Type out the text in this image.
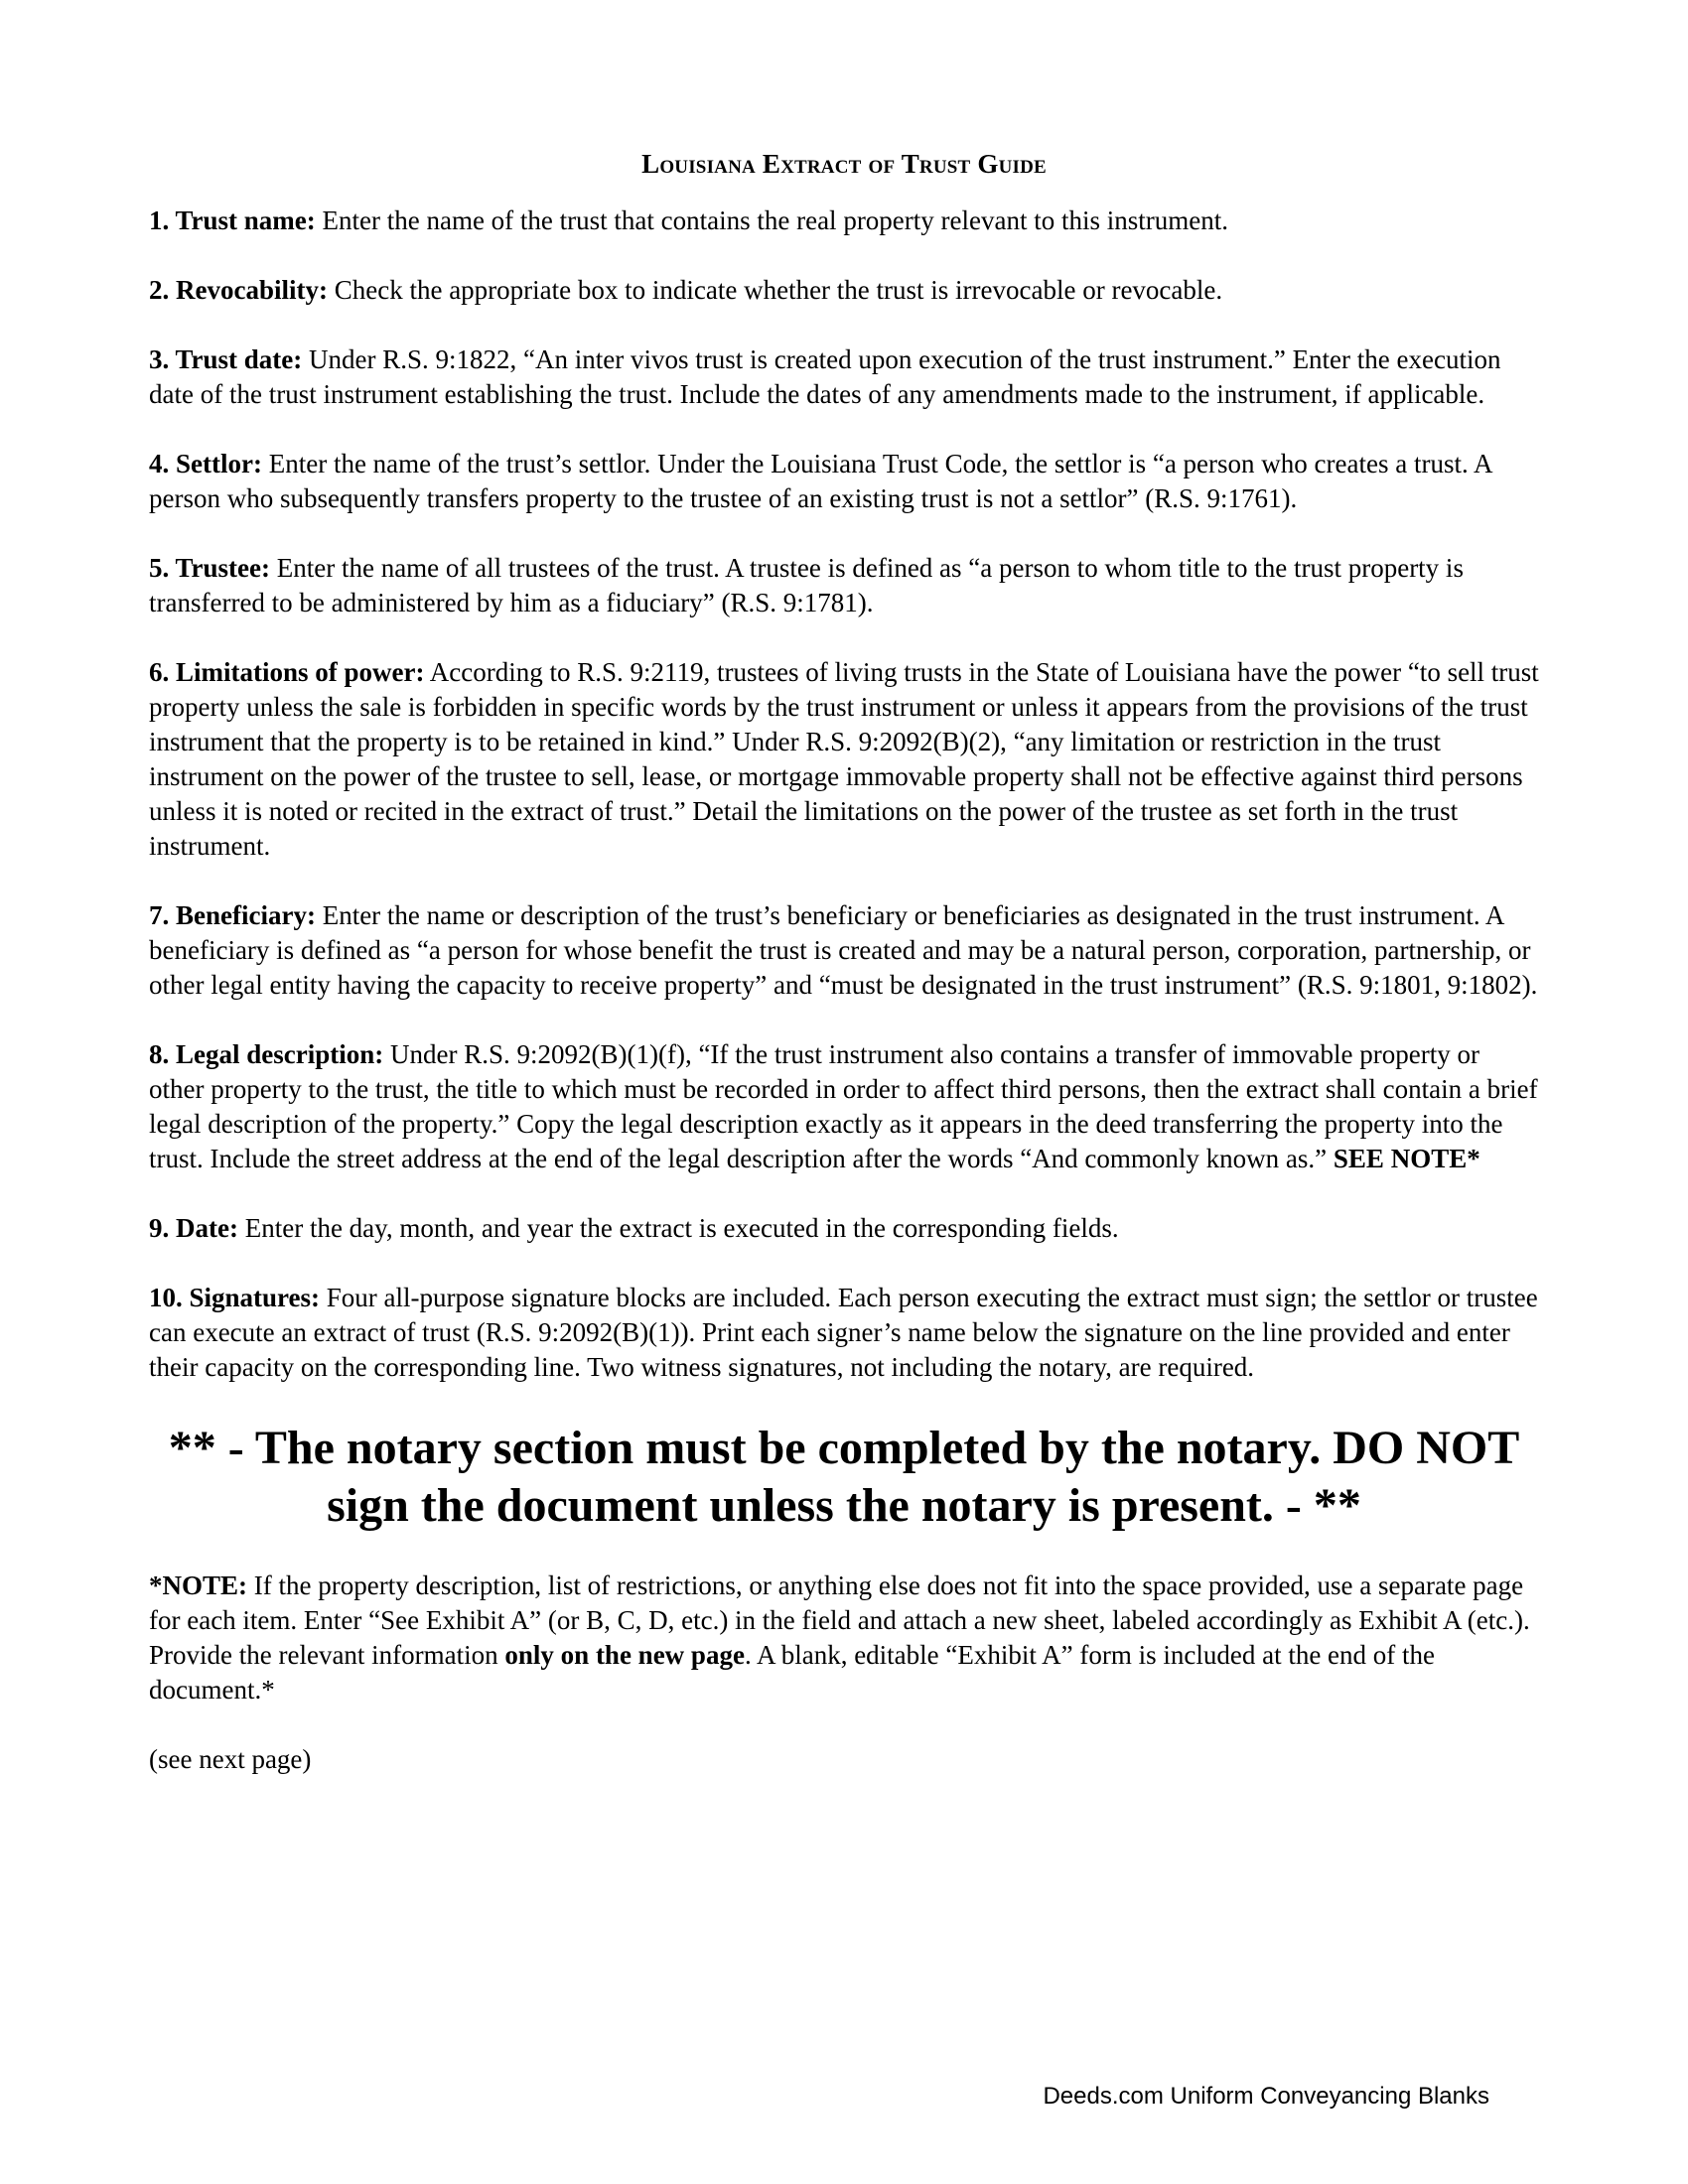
Louisiana Extract of Trust Guide

1. Trust name: Enter the name of the trust that contains the real property relevant to this instrument.

2. Revocability: Check the appropriate box to indicate whether the trust is irrevocable or revocable.

3. Trust date: Under R.S. 9:1822, “An inter vivos trust is created upon execution of the trust instrument.” Enter the execution date of the trust instrument establishing the trust. Include the dates of any amendments made to the instrument, if applicable.

4. Settlor: Enter the name of the trust’s settlor. Under the Louisiana Trust Code, the settlor is “a person who creates a trust. A person who subsequently transfers property to the trustee of an existing trust is not a settlor” (R.S. 9:1761).

5. Trustee: Enter the name of all trustees of the trust. A trustee is defined as “a person to whom title to the trust property is transferred to be administered by him as a fiduciary” (R.S. 9:1781).

6. Limitations of power: According to R.S. 9:2119, trustees of living trusts in the State of Louisiana have the power “to sell trust property unless the sale is forbidden in specific words by the trust instrument or unless it appears from the provisions of the trust instrument that the property is to be retained in kind.” Under R.S. 9:2092(B)(2), “any limitation or restriction in the trust instrument on the power of the trustee to sell, lease, or mortgage immovable property shall not be effective against third persons unless it is noted or recited in the extract of trust.” Detail the limitations on the power of the trustee as set forth in the trust instrument.

7. Beneficiary: Enter the name or description of the trust’s beneficiary or beneficiaries as designated in the trust instrument. A beneficiary is defined as “a person for whose benefit the trust is created and may be a natural person, corporation, partnership, or other legal entity having the capacity to receive property” and “must be designated in the trust instrument” (R.S. 9:1801, 9:1802).

8. Legal description: Under R.S. 9:2092(B)(1)(f), “If the trust instrument also contains a transfer of immovable property or other property to the trust, the title to which must be recorded in order to affect third persons, then the extract shall contain a brief legal description of the property.” Copy the legal description exactly as it appears in the deed transferring the property into the trust. Include the street address at the end of the legal description after the words “And commonly known as.” SEE NOTE*

9. Date: Enter the day, month, and year the extract is executed in the corresponding fields.

10. Signatures: Four all-purpose signature blocks are included. Each person executing the extract must sign; the settlor or trustee can execute an extract of trust (R.S. 9:2092(B)(1)). Print each signer’s name below the signature on the line provided and enter their capacity on the corresponding line. Two witness signatures, not including the notary, are required.

** - The notary section must be completed by the notary. DO NOT sign the document unless the notary is present. - **

*NOTE: If the property description, list of restrictions, or anything else does not fit into the space provided, use a separate page for each item. Enter “See Exhibit A” (or B, C, D, etc.) in the field and attach a new sheet, labeled accordingly as Exhibit A (etc.). Provide the relevant information only on the new page. A blank, editable “Exhibit A” form is included at the end of the document.*

(see next page)

Deeds.com Uniform Conveyancing Blanks
